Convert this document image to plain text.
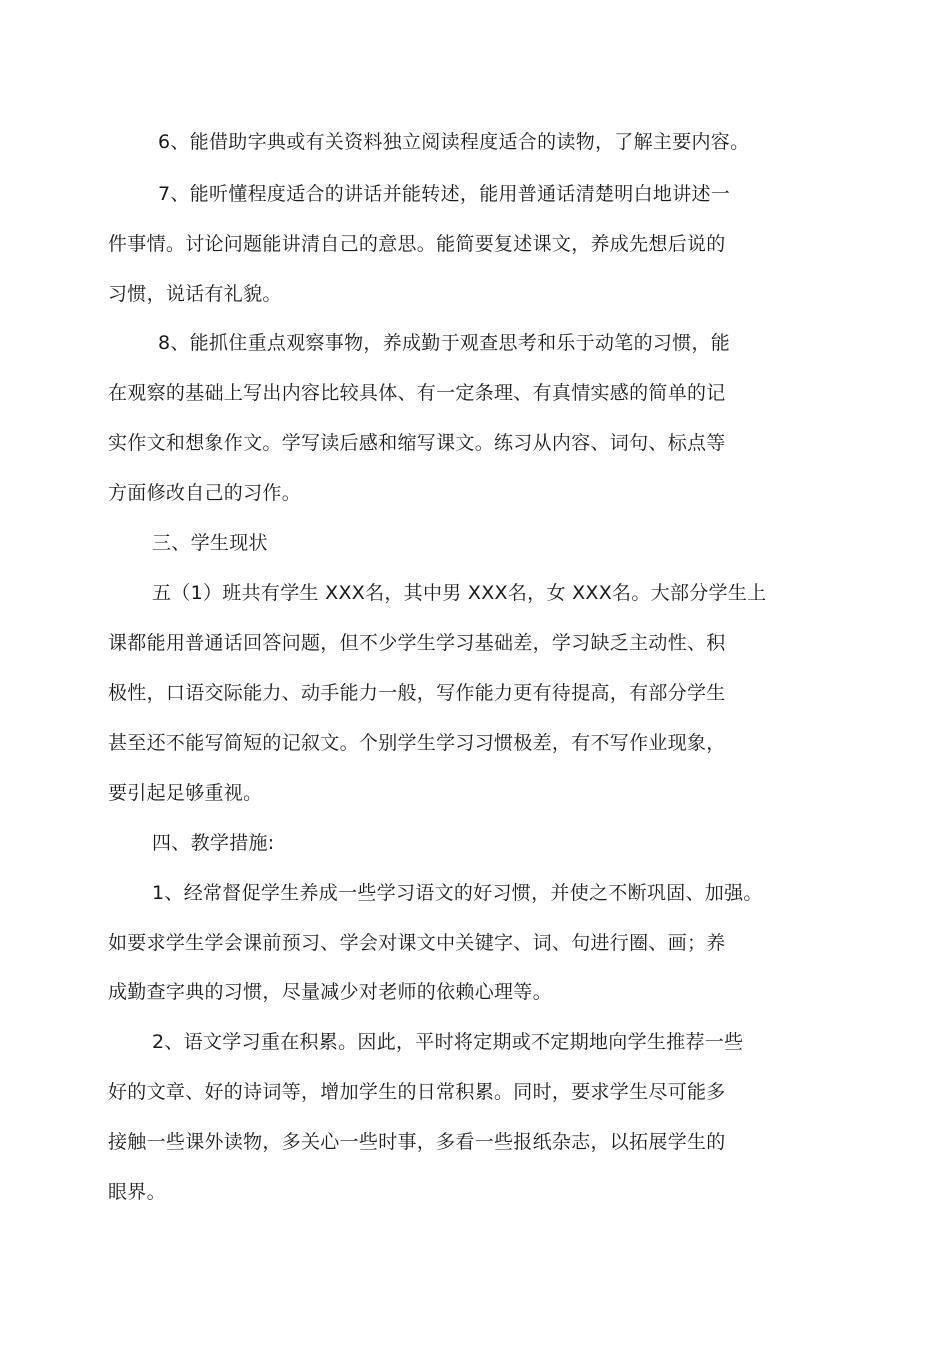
6、能借助字典或有关资料独立阅读程度适合的读物，了解主要内容。
7、能听懂程度适合的讲话并能转述，能用普通话清楚明白地讲述一
件事情。讨论问题能讲清自己的意思。能简要复述课文，养成先想后说的
习惯，说话有礼貌。
8、能抓住重点观察事物，养成勤于观查思考和乐于动笔的习惯，能
在观察的基础上写出内容比较具体、有一定条理、有真情实感的简单的记
实作文和想象作文。学写读后感和缩写课文。练习从内容、词句、标点等
方面修改自己的习作。
三、学生现状
五（1）班共有学生 XXX名，其中男 XXX名，女 XXX名。大部分学生上
课都能用普通话回答问题，但不少学生学习基础差，学习缺乏主动性、积
极性，口语交际能力、动手能力一般，写作能力更有待提高，有部分学生
甚至还不能写简短的记叙文。个别学生学习习惯极差，有不写作业现象，
要引起足够重视。
四、教学措施:
1、经常督促学生养成一些学习语文的好习惯，并使之不断巩固、加强。
如要求学生学会课前预习、学会对课文中关键字、词、句进行圈、画；养
成勤查字典的习惯，尽量减少对老师的依赖心理等。
2、语文学习重在积累。因此，平时将定期或不定期地向学生推荐一些
好的文章、好的诗词等，增加学生的日常积累。同时，要求学生尽可能多
接触一些课外读物，多关心一些时事，多看一些报纸杂志，以拓展学生的
眼界。
